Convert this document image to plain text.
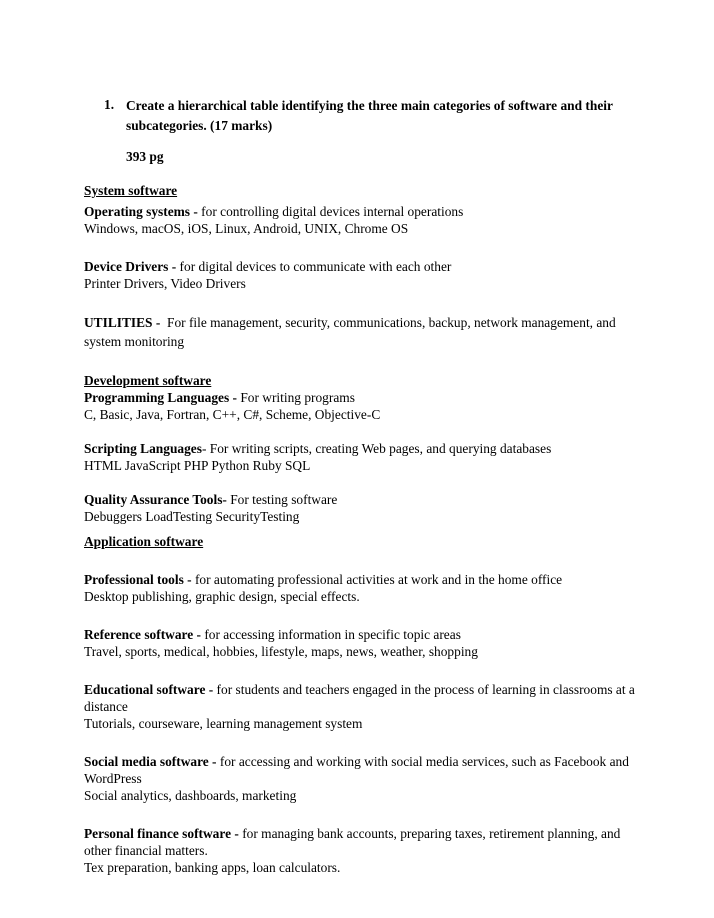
1. Create a hierarchical table identifying the three main categories of software and their subcategories. (17 marks)
393 pg

System software

Operating systems - for controlling digital devices internal operations

Windows, macOS, iOS, Linux, Android, UNIX, Chrome OS

Device Drivers - for digital devices to communicate with each other

Printer Drivers, Video Drivers

UTILITIES -  For file management, security, communications, backup, network management, and system monitoring

Development software

Programming Languages - For writing programs

C, Basic, Java, Fortran, C++, C#, Scheme, Objective-C

Scripting Languages- For writing scripts, creating Web pages, and querying databases

HTML JavaScript PHP Python Ruby SQL

Quality Assurance Tools- For testing software

Debuggers LoadTesting SecurityTesting

Application software

Professional tools - for automating professional activities at work and in the home office

Desktop publishing, graphic design, special effects.

Reference software - for accessing information in specific topic areas

Travel, sports, medical, hobbies, lifestyle, maps, news, weather, shopping

Educational software - for students and teachers engaged in the process of learning in classrooms at a distance

Tutorials, courseware, learning management system

Social media software - for accessing and working with social media services, such as Facebook and WordPress

Social analytics, dashboards, marketing

Personal finance software - for managing bank accounts, preparing taxes, retirement planning, and other financial matters.

Tex preparation, banking apps, loan calculators.
